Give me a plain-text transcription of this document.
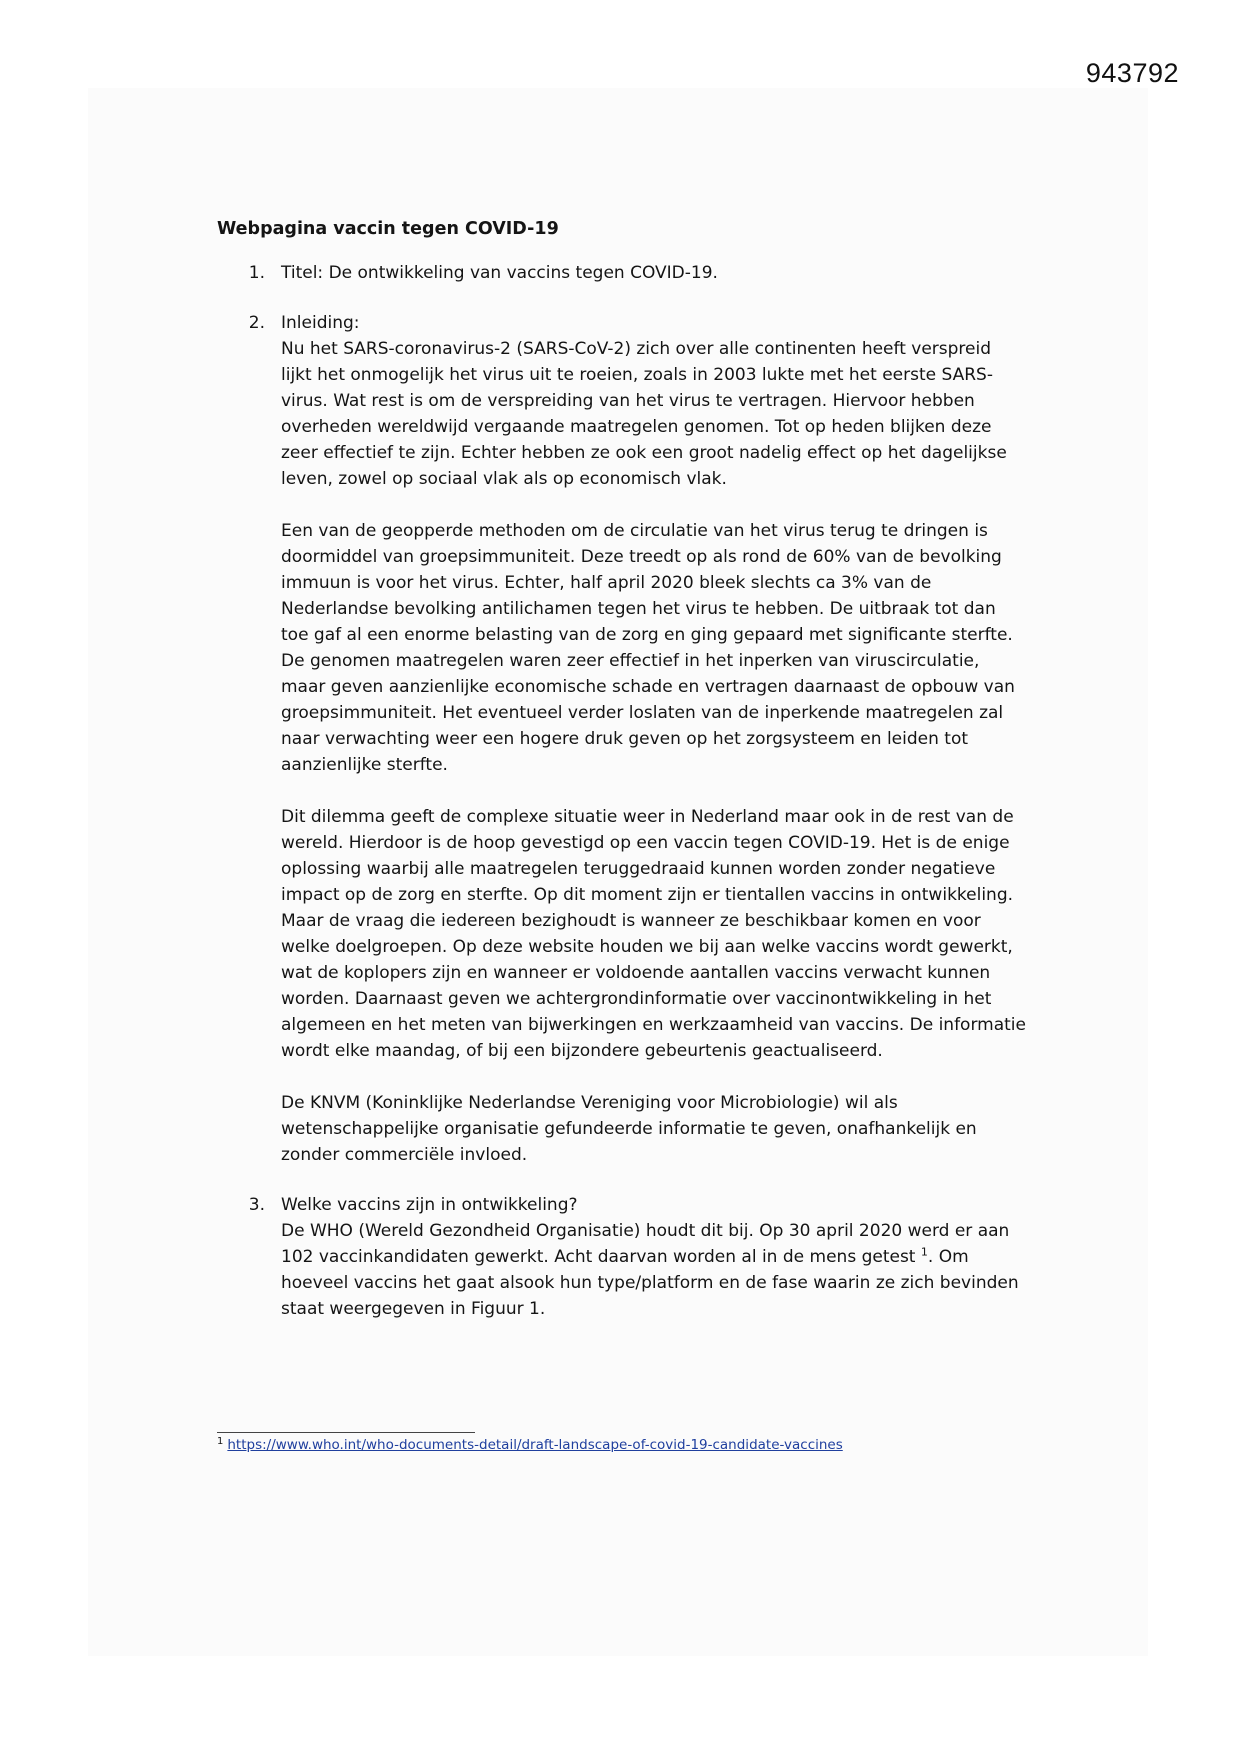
943792
Webpagina vaccin tegen COVID-19
1. Titel: De ontwikkeling van vaccins tegen COVID-19.
2. Inleiding:

Nu het SARS-coronavirus-2 (SARS-CoV-2) zich over alle continenten heeft verspreid lijkt het onmogelijk het virus uit te roeien, zoals in 2003 lukte met het eerste SARS-virus. Wat rest is om de verspreiding van het virus te vertragen. Hiervoor hebben overheden wereldwijd vergaande maatregelen genomen. Tot op heden blijken deze zeer effectief te zijn. Echter hebben ze ook een groot nadelig effect op het dagelijkse leven, zowel op sociaal vlak als op economisch vlak.

Een van de geopperde methoden om de circulatie van het virus terug te dringen is doormiddel van groepsimmuniteit. Deze treedt op als rond de 60% van de bevolking immuun is voor het virus. Echter, half april 2020 bleek slechts ca 3% van de Nederlandse bevolking antilichamen tegen het virus te hebben. De uitbraak tot dan toe gaf al een enorme belasting van de zorg en ging gepaard met significante sterfte. De genomen maatregelen waren zeer effectief in het inperken van viruscirculatie, maar geven aanzienlijke economische schade en vertragen daarnaast de opbouw van groepsimmuniteit. Het eventueel verder loslaten van de inperkende maatregelen zal naar verwachting weer een hogere druk geven op het zorgsysteem en leiden tot aanzienlijke sterfte.

Dit dilemma geeft de complexe situatie weer in Nederland maar ook in de rest van de wereld. Hierdoor is de hoop gevestigd op een vaccin tegen COVID-19. Het is de enige oplossing waarbij alle maatregelen teruggedraaid kunnen worden zonder negatieve impact op de zorg en sterfte. Op dit moment zijn er tientallen vaccins in ontwikkeling. Maar de vraag die iedereen bezighoudt is wanneer ze beschikbaar komen en voor welke doelgroepen. Op deze website houden we bij aan welke vaccins wordt gewerkt, wat de koplopers zijn en wanneer er voldoende aantallen vaccins verwacht kunnen worden. Daarnaast geven we achtergrondinformatie over vaccinontwikkeling in het algemeen en het meten van bijwerkingen en werkzaamheid van vaccins. De informatie wordt elke maandag, of bij een bijzondere gebeurtenis geactualiseerd.

De KNVM (Koninklijke Nederlandse Vereniging voor Microbiologie) wil als wetenschappelijke organisatie gefundeerde informatie te geven, onafhankelijk en zonder commerciële invloed.

3. Welke vaccins zijn in ontwikkeling?

De WHO (Wereld Gezondheid Organisatie) houdt dit bij. Op 30 april 2020 werd er aan 102 vaccinkandidaten gewerkt. Acht daarvan worden al in de mens getest $^1$. Om hoeveel vaccins het gaat alsook hun type/platform en de fase waarin ze zich bevinden staat weergegeven in Figuur 1.

$^1$ https://www.who.int/who-documents-detail/draft-landscape-of-covid-19-candidate-vaccines
